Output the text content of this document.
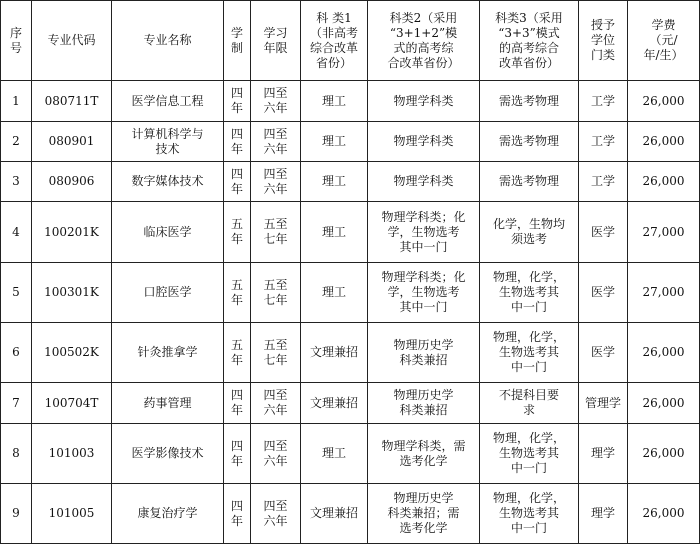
序
号	专业代码	专业名称	学
制	学习
年限	科 类1
（非高考
综合改革
省份）	科类2（采用
“3+1+2”模
式的高考综
合改革省份）	科类3（采用
“3+3”模式
的高考综合
改革省份）	授予
学位
门类	学费
（元/
年/生）

1	080711T	医学信息工程	四
年	四至
六年	理工	物理学科类	需选考物理	工学	26,000

2	080901	计算机科学与
技术	四
年	四至
六年	理工	物理学科类	需选考物理	工学	26,000

3	080906	数字媒体技术	四
年	四至
六年	理工	物理学科类	需选考物理	工学	26,000

4	100201K	临床医学	五
年	五至
七年	理工	物理学科类；化
学，生物选考
其中一门	化学，生物均
须选考	医学	27,000

5	100301K	口腔医学	五
年	五至
七年	理工	物理学科类；化
学，生物选考
其中一门	物理，化学，
生物选考其
中一门	医学	27,000

6	100502K	针灸推拿学	五
年	五至
七年	文理兼招	物理历史学
科类兼招	物理，化学，
生物选考其
中一门	医学	26,000

7	100704T	药事管理	四
年	四至
六年	文理兼招	物理历史学
科类兼招	不提科目要
求	管理学	26,000

8	101003	医学影像技术	四
年	四至
六年	理工	物理学科类，需
选考化学	物理，化学，
生物选考其
中一门	理学	26,000

9	101005	康复治疗学	四
年	四至
六年	文理兼招	物理历史学
科类兼招；需
选考化学	物理，化学，
生物选考其
中一门	理学	26,000
